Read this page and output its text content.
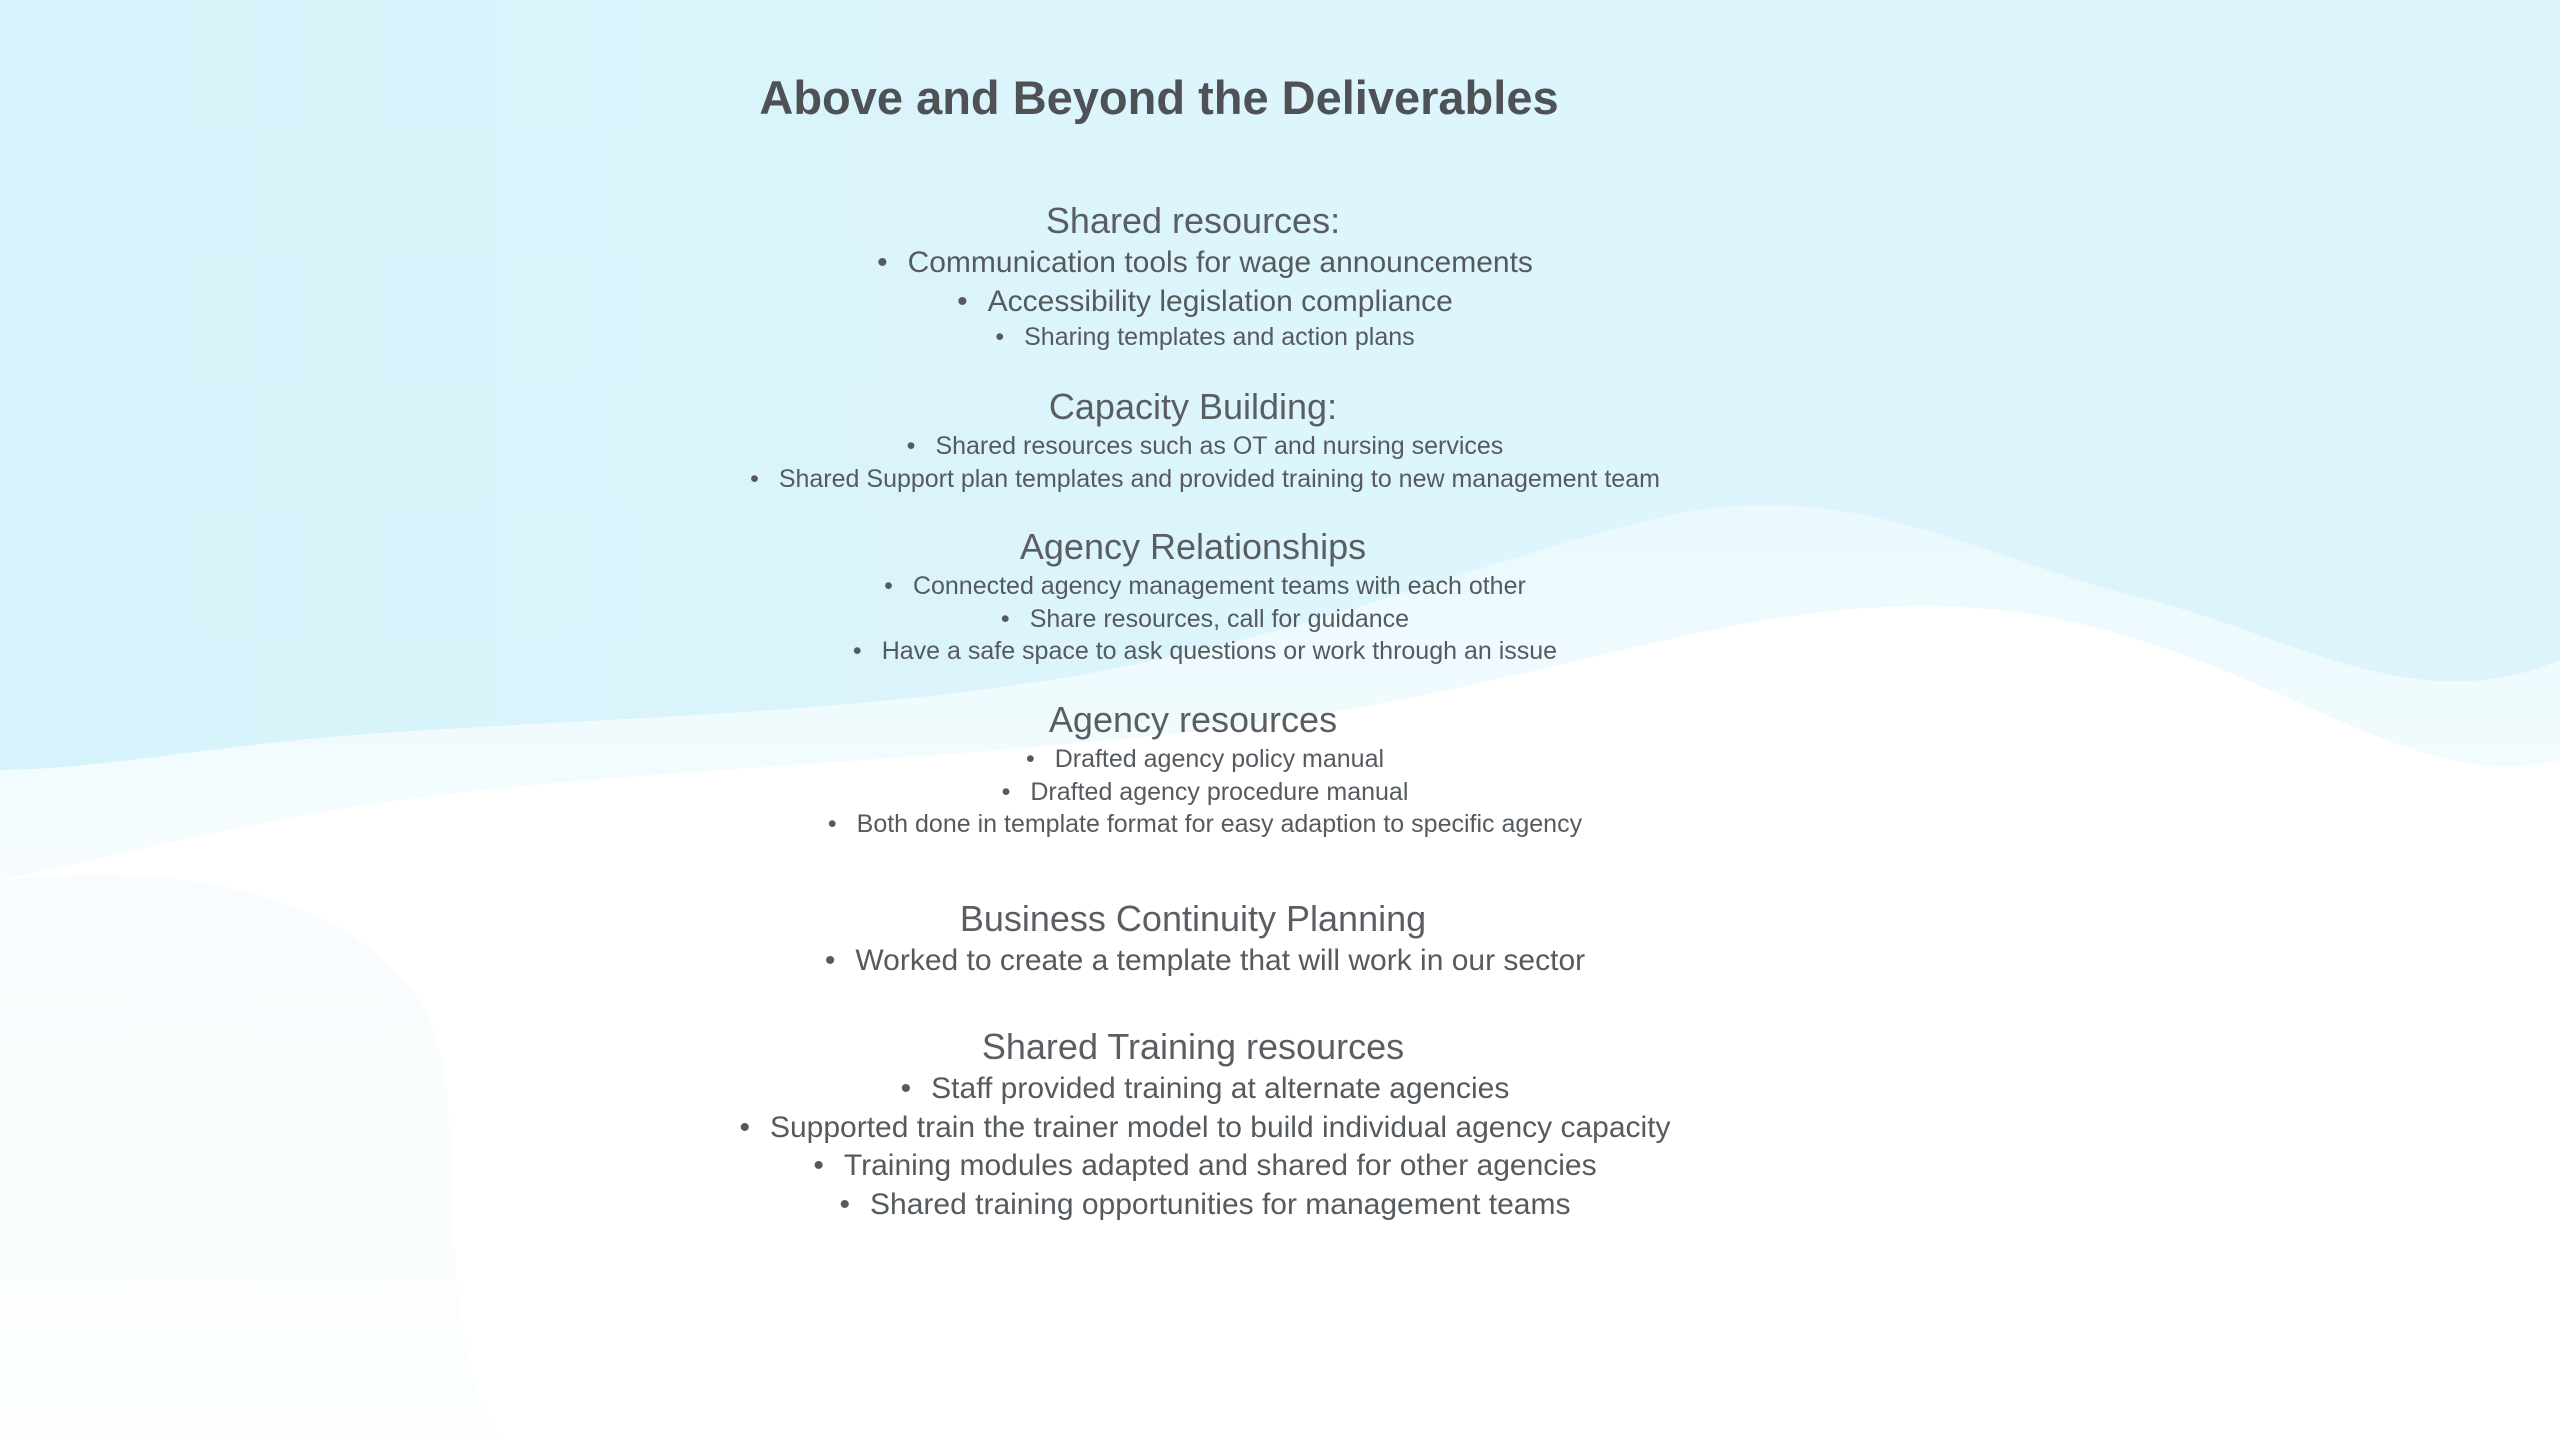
Above and Beyond the Deliverables
Shared resources:
• Communication tools for wage announcements
• Accessibility legislation compliance
• Sharing templates and action plans
Capacity Building:
• Shared resources such as OT and nursing services
• Shared Support plan templates and provided training to new management team
Agency Relationships
• Connected agency management teams with each other
• Share resources, call for guidance
• Have a safe space to ask questions or work through an issue
Agency resources
• Drafted agency policy manual
• Drafted agency procedure manual
• Both done in template format for easy adaption to specific agency
Business Continuity Planning
• Worked to create a template that will work in our sector
Shared Training resources
• Staff provided training at alternate agencies
• Supported train the trainer model to build individual agency capacity
• Training modules adapted and shared for other agencies
• Shared training opportunities for management teams
